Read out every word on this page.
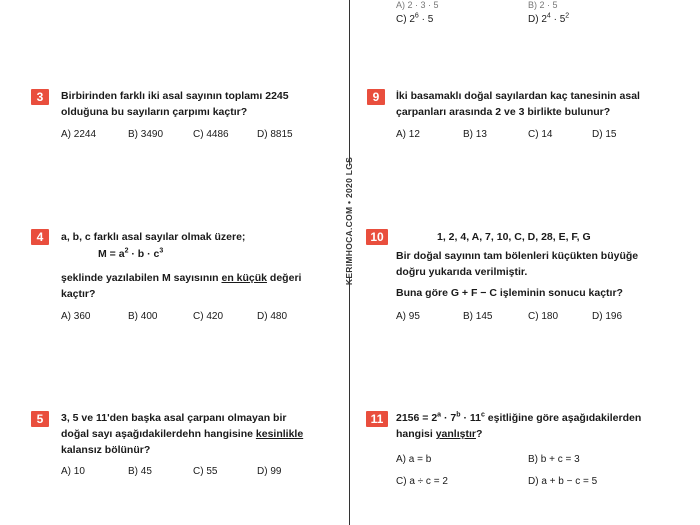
KERIMHOCA.COM • 2020 LGS
A) 2 · 3 · 5	B) 2 · 5
C) $2^6 \cdot 5$	D) $2^4 \cdot 5^2$
3	Birbirinden farklı iki asal sayının toplamı 2245
olduğuna bu sayıların çarpımı kaçtır?
A) 2244	B) 3490	C) 4486	D) 8815
4	a, b, c farklı asal sayılar olmak üzere;
$M = a^2 \cdot b \cdot c^3$
şeklinde yazılabilen M sayısının en küçük değeri
kaçtır?
A) 360	B) 400	C) 420	D) 480
5	3, 5 ve 11'den başka asal çarpanı olmayan bir
doğal sayı aşağıdakilerdehn hangisine kesinlikle
kalansız bölünür?
A) 10	B) 45	C) 55	D) 99
9	İki basamaklı doğal sayılardan kaç tanesinin asal
çarpanları arasında 2 ve 3 birlikte bulunur?
A) 12	B) 13	C) 14	D) 15
10	1, 2, 4, A, 7, 10, C, D, 28, E, F, G
Bir doğal sayının tam bölenleri küçükten büyüğe
doğru yukarıda verilmiştir.
Buna göre G + F − C işleminin sonucu kaçtır?
A) 95	B) 145	C) 180	D) 196
11	$2156 = 2^a \cdot 7^b \cdot 11^c$ eşitliğine göre aşağıdakilerden
hangisi yanlıştır?
A) a = b	B) b + c = 3
C) a ÷ c = 2	D) a + b − c = 5
